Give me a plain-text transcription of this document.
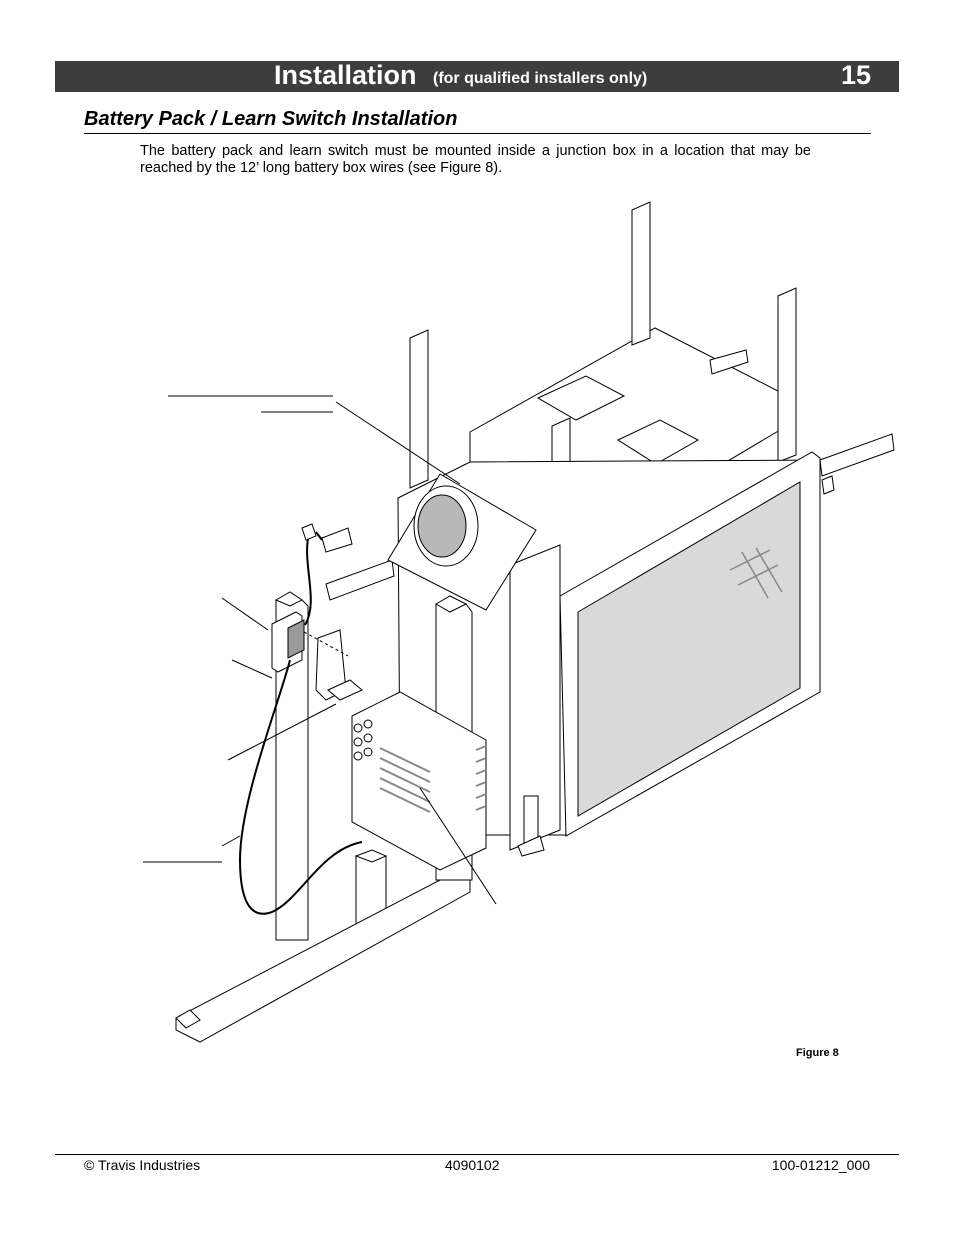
Installation (for qualified installers only)	15
Battery Pack / Learn Switch Installation
The battery pack and learn switch must be mounted inside a junction box in a location that may be reached by the 12’ long battery box wires (see Figure 8).
Figure 8
© Travis Industries	4090102	100-01212_000
